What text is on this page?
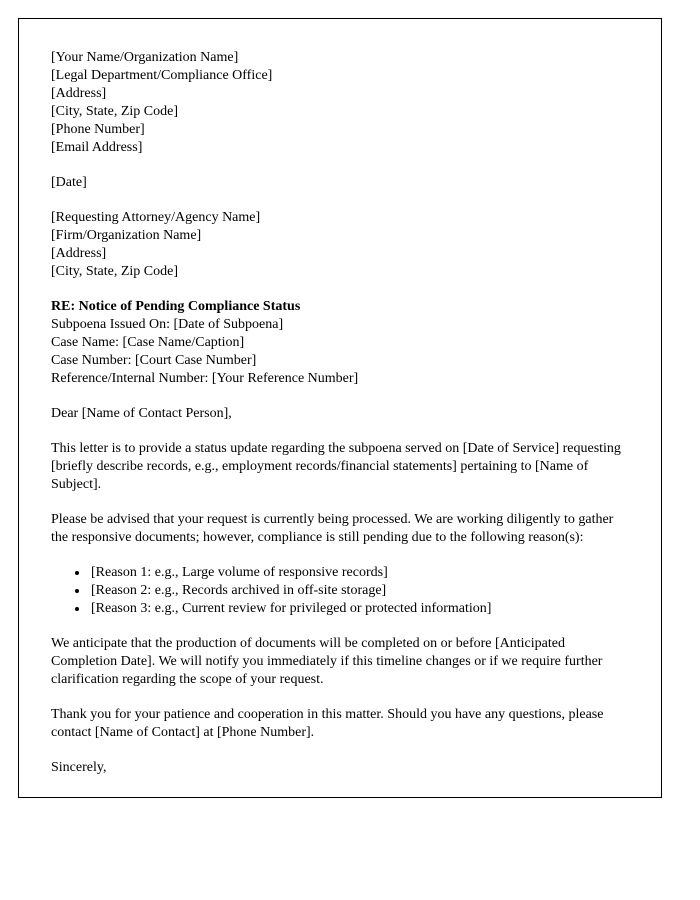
[Your Name/Organization Name]
[Legal Department/Compliance Office]
[Address]
[City, State, Zip Code]
[Phone Number]
[Email Address]
[Date]
[Requesting Attorney/Agency Name]
[Firm/Organization Name]
[Address]
[City, State, Zip Code]
RE: Notice of Pending Compliance Status
Subpoena Issued On: [Date of Subpoena]
Case Name: [Case Name/Caption]
Case Number: [Court Case Number]
Reference/Internal Number: [Your Reference Number]

Dear [Name of Contact Person],

This letter is to provide a status update regarding the subpoena served on [Date of Service] requesting [briefly describe records, e.g., employment records/financial statements] pertaining to [Name of Subject].

Please be advised that your request is currently being processed. We are working diligently to gather the responsive documents; however, compliance is still pending due to the following reason(s):

• [Reason 1: e.g., Large volume of responsive records]
• [Reason 2: e.g., Records archived in off-site storage]
• [Reason 3: e.g., Current review for privileged or protected information]

We anticipate that the production of documents will be completed on or before [Anticipated Completion Date]. We will notify you immediately if this timeline changes or if we require further clarification regarding the scope of your request.

Thank you for your patience and cooperation in this matter. Should you have any questions, please contact [Name of Contact] at [Phone Number].

Sincerely,
